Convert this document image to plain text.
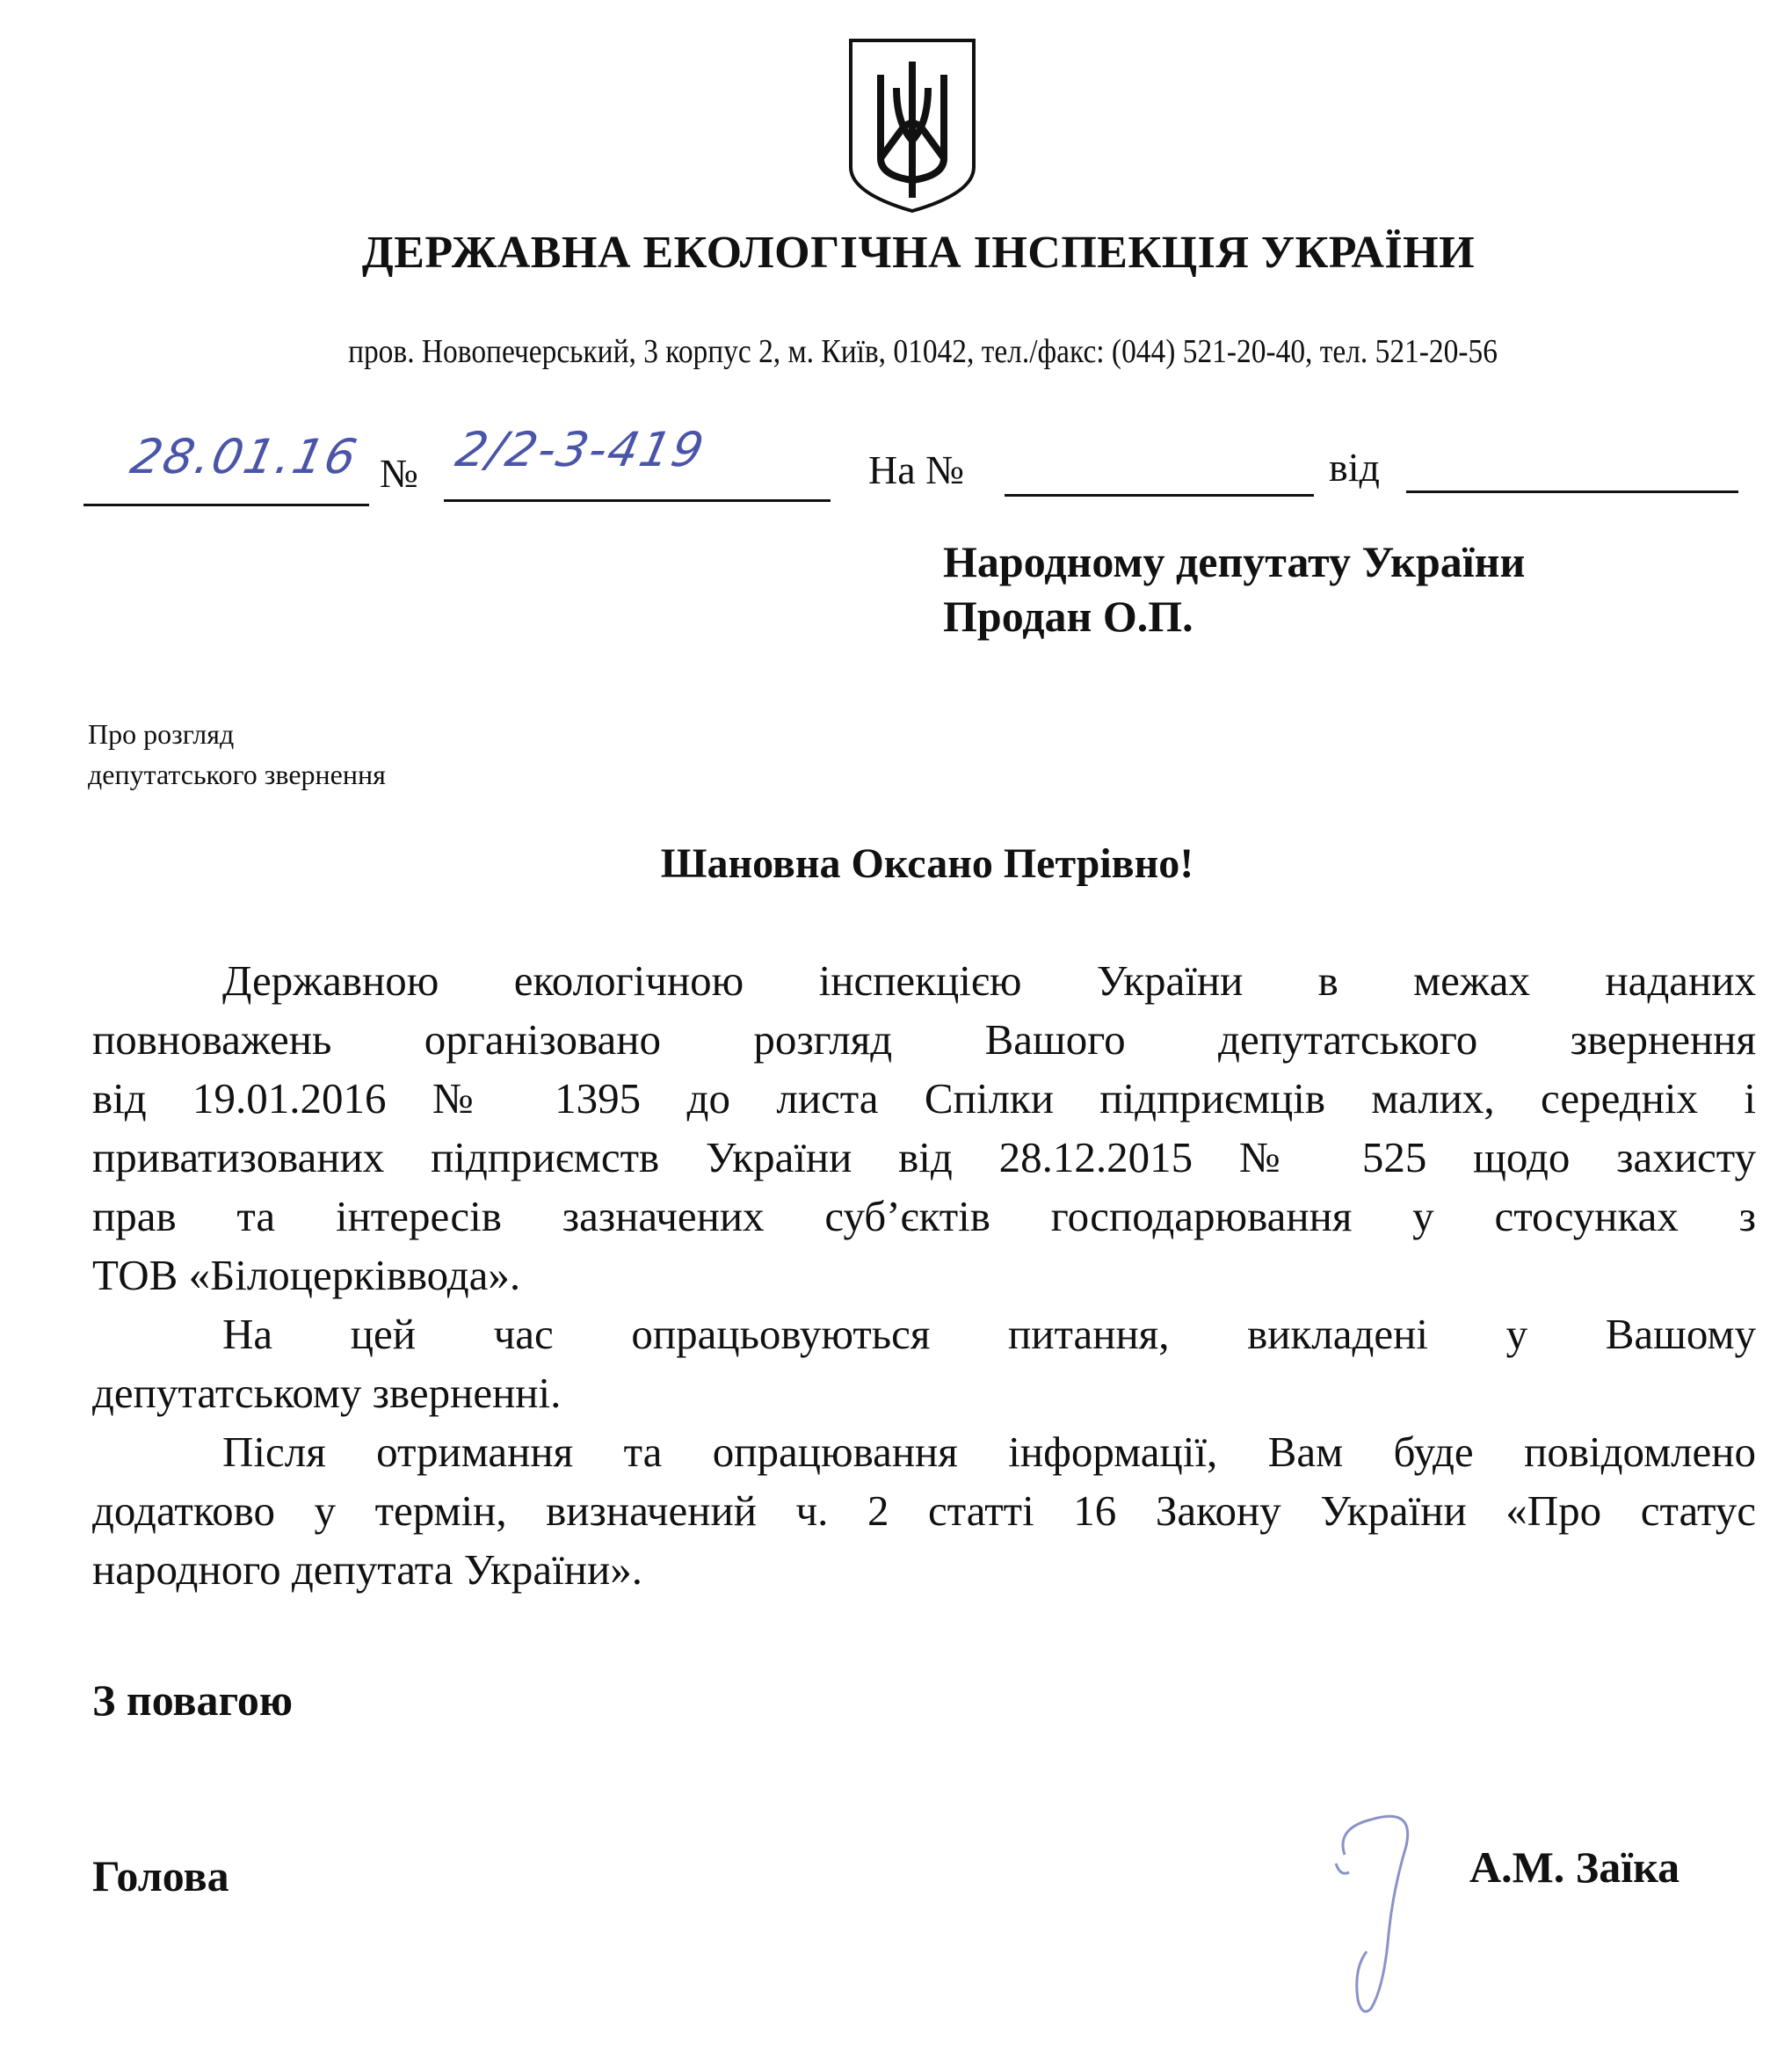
ДЕРЖАВНА ЕКОЛОГІЧНА ІНСПЕКЦІЯ УКРАЇНИ
пров. Новопечерський, 3 корпус 2, м. Київ, 01042, тел./факс: (044) 521-20-40, тел. 521-20-56
28.01.16 № 2/2-3-419	На №	від
Народному депутату України
Продан О.П.
Про розгляд
депутатського звернення
Шановна Оксано Петрівно!
Державною екологічною інспекцією України в межах наданих
повноважень організовано розгляд Вашого депутатського звернення
від 19.01.2016 № 1395 до листа Спілки підприємців малих, середніх і
приватизованих підприємств України від 28.12.2015 № 525 щодо захисту
прав та інтересів зазначених суб’єктів господарювання у стосунках з
ТОВ «Білоцерківвода».
На цей час опрацьовуються питання, викладені у Вашому
депутатському зверненні.
Після отримання та опрацювання інформації, Вам буде повідомлено
додатково у термін, визначений ч. 2 статті 16 Закону України «Про статус
народного депутата України».
З повагою
Голова	А.М. Заїка
